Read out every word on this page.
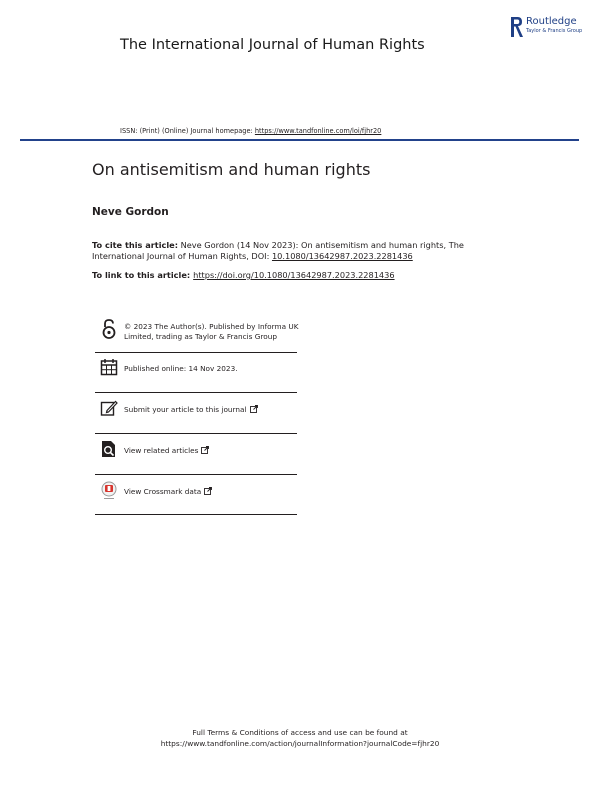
The International Journal of Human Rights
Routledge
Taylor & Francis Group
ISSN: (Print) (Online) Journal homepage: https://www.tandfonline.com/loi/fjhr20
On antisemitism and human rights
Neve Gordon
To cite this article: Neve Gordon (14 Nov 2023): On antisemitism and human rights, The International Journal of Human Rights, DOI: 10.1080/13642987.2023.2281436
To link to this article: https://doi.org/10.1080/13642987.2023.2281436
© 2023 The Author(s). Published by Informa UK Limited, trading as Taylor & Francis Group
Published online: 14 Nov 2023.
Submit your article to this journal
View related articles
View Crossmark data
Full Terms & Conditions of access and use can be found at
https://www.tandfonline.com/action/journalInformation?journalCode=fjhr20
